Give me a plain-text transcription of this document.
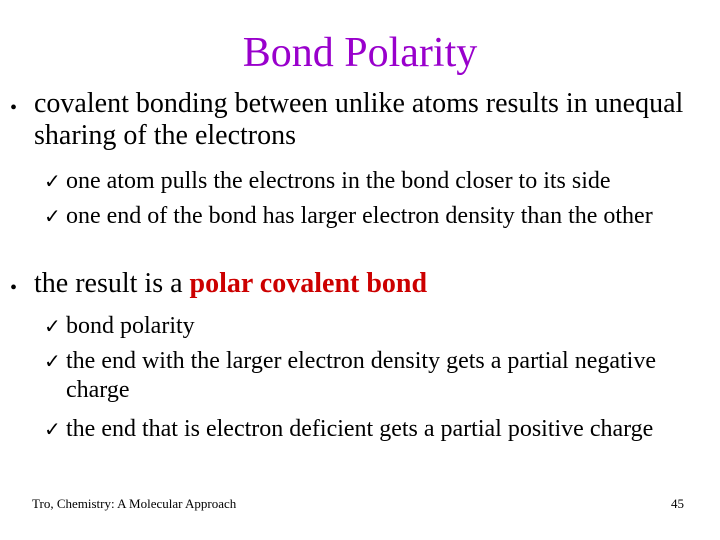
Bond Polarity
• covalent bonding between unlike atoms results in unequal sharing of the electrons
✓ one atom pulls the electrons in the bond closer to its side
✓ one end of the bond has larger electron density than the other
• the result is a polar covalent bond
✓ bond polarity
✓ the end with the larger electron density gets a partial negative charge
✓ the end that is electron deficient gets a partial positive charge
Tro, Chemistry: A Molecular Approach	45
